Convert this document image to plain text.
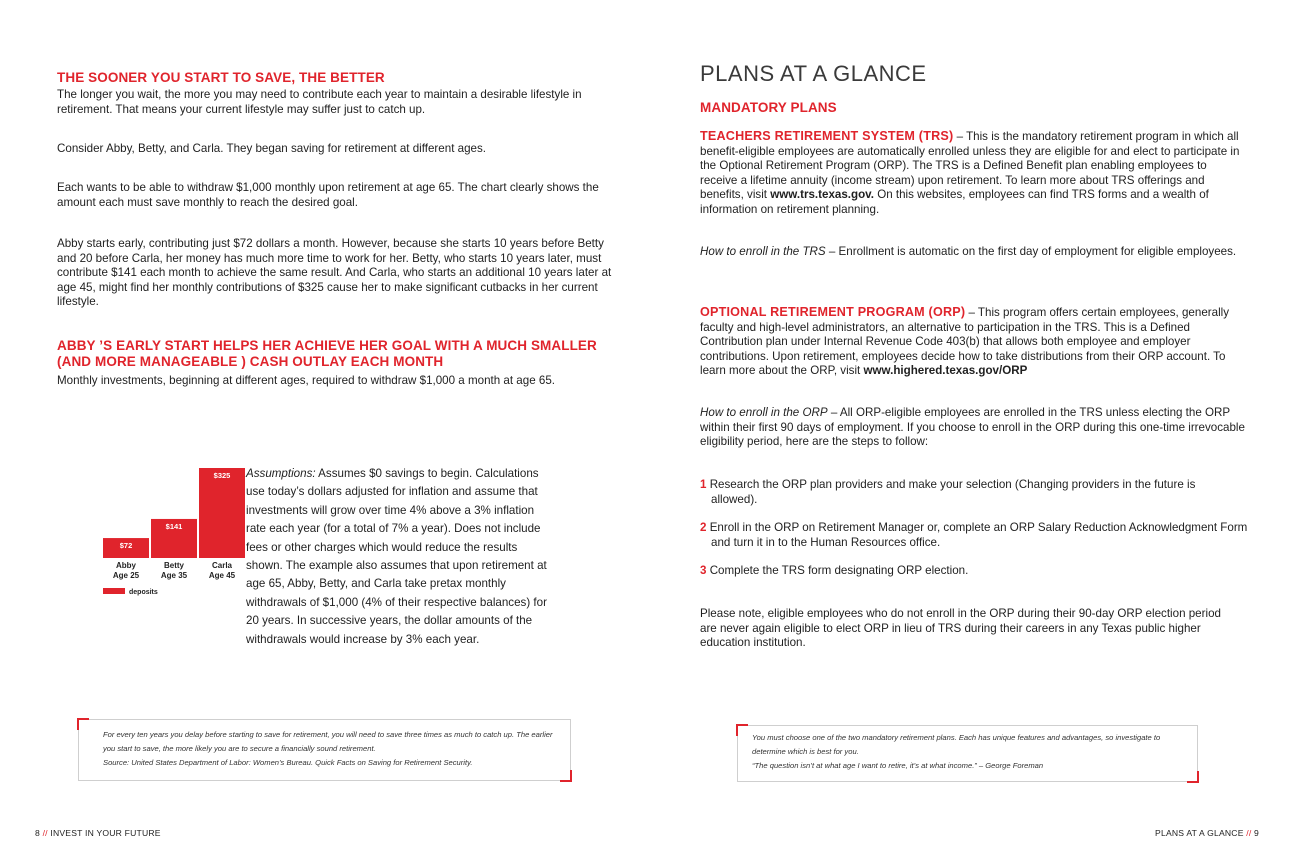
THE SOONER YOU START TO SAVE, THE BETTER

The longer you wait, the more you may need to contribute each year to maintain a desirable lifestyle in retirement. That means your current lifestyle may suffer just to catch up.

Consider Abby, Betty, and Carla. They began saving for retirement at different ages.

Each wants to be able to withdraw $1,000 monthly upon retirement at age 65. The chart clearly shows the amount each must save monthly to reach the desired goal.

Abby starts early, contributing just $72 dollars a month. However, because she starts 10 years before Betty and 20 before Carla, her money has much more time to work for her. Betty, who starts 10 years later, must contribute $141 each month to achieve the same result. And Carla, who starts an additional 10 years later at age 45, might find her monthly contributions of $325 cause her to make significant cutbacks in her current lifestyle.

ABBY ’S EARLY START HELPS HER ACHIEVE HER GOAL WITH A MUCH SMALLER (AND MORE MANAGEABLE ) CASH OUTLAY EACH MONTH

Monthly investments, beginning at different ages, required to withdraw $1,000 a month at age 65.

$72
Abby
Age 25
$141
Betty
Age 35
$325
Carla
Age 45
deposits

Assumptions: Assumes $0 savings to begin. Calculations use today’s dollars adjusted for inflation and assume that investments will grow over time 4% above a 3% inflation rate each year (for a total of 7% a year). Does not include fees or other charges which would reduce the results shown. The example also assumes that upon retirement at age 65, Abby, Betty, and Carla take pretax monthly withdrawals of $1,000 (4% of their respective balances) for 20 years. In successive years, the dollar amounts of the withdrawals would increase by 3% each year.

For every ten years you delay before starting to save for retirement, you will need to save three times as much to catch up. The earlier you start to save, the more likely you are to secure a financially sound retirement.

Source: United States Department of Labor: Women’s Bureau. Quick Facts on Saving for Retirement Security.

8 // INVEST IN YOUR FUTURE
PLANS AT A GLANCE
MANDATORY PLANS

TEACHERS RETIREMENT SYSTEM (TRS) – This is the mandatory retirement program in which all benefit-eligible employees are automatically enrolled unless they are eligible for and elect to participate in the Optional Retirement Program (ORP). The TRS is a Defined Benefit plan enabling employees to receive a lifetime annuity (income stream) upon retirement. To learn more about TRS offerings and benefits, visit www.trs.texas.gov. On this websites, employees can find TRS forms and a wealth of information on retirement planning.

How to enroll in the TRS – Enrollment is automatic on the first day of employment for eligible employees.

OPTIONAL RETIREMENT PROGRAM (ORP) – This program offers certain employees, generally faculty and high-level administrators, an alternative to participation in the TRS. This is a Defined Contribution plan under Internal Revenue Code 403(b) that allows both employee and employer contributions. Upon retirement, employees decide how to take distributions from their ORP account. To learn more about the ORP, visit www.highered.texas.gov/ORP

How to enroll in the ORP – All ORP-eligible employees are enrolled in the TRS unless electing the ORP within their first 90 days of employment. If you choose to enroll in the ORP during this one-time irrevocable eligibility period, here are the steps to follow:

1 Research the ORP plan providers and make your selection (Changing providers in the future is allowed).
2 Enroll in the ORP on Retirement Manager or, complete an ORP Salary Reduction Acknowledgment Form and turn it in to the Human Resources office.
3 Complete the TRS form designating ORP election.

Please note, eligible employees who do not enroll in the ORP during their 90-day ORP election period are never again eligible to elect ORP in lieu of TRS during their careers in any Texas public higher education institution.

You must choose one of the two mandatory retirement plans. Each has unique features and advantages, so investigate to determine which is best for you.

“The question isn’t at what age I want to retire, it’s at what income.” – George Foreman

PLANS AT A GLANCE // 9
